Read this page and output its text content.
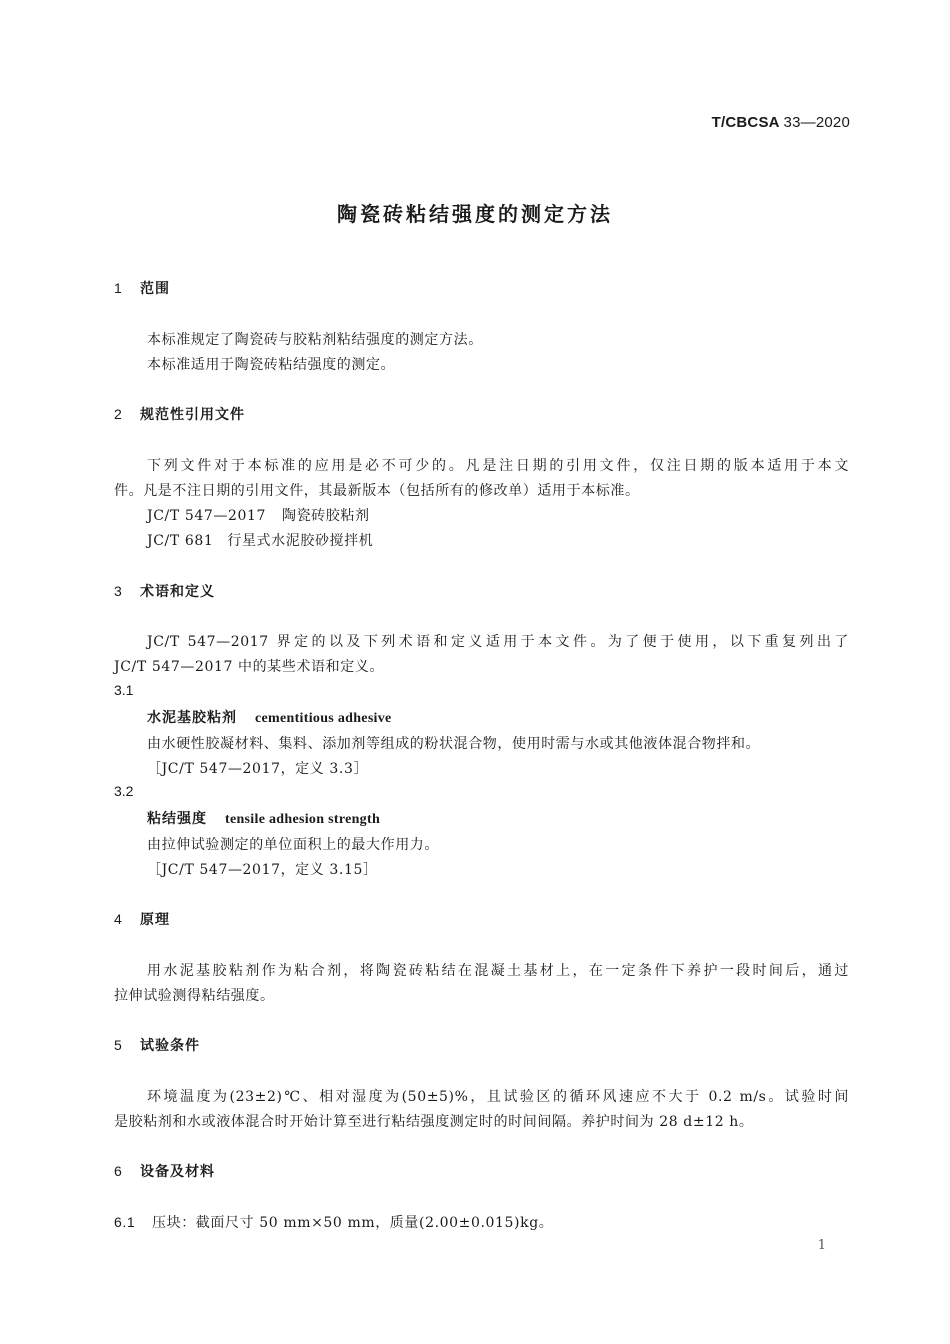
T/CBCSA 33—2020
陶瓷砖粘结强度的测定方法
1 范围
本标准规定了陶瓷砖与胶粘剂粘结强度的测定方法。
本标准适用于陶瓷砖粘结强度的测定。
2 规范性引用文件
下列文件对于本标准的应用是必不可少的。凡是注日期的引用文件，仅注日期的版本适用于本文
件。凡是不注日期的引用文件，其最新版本（包括所有的修改单）适用于本标准。
JC/T 547—2017 陶瓷砖胶粘剂
JC/T 681 行星式水泥胶砂搅拌机
3 术语和定义
JC/T 547—2017 界定的以及下列术语和定义适用于本文件。为了便于使用，以下重复列出了
JC/T 547—2017 中的某些术语和定义。
3.1
水泥基胶粘剂 cementitious adhesive
由水硬性胶凝材料、集料、添加剂等组成的粉状混合物，使用时需与水或其他液体混合物拌和。
［JC/T 547—2017，定义 3.3］
3.2
粘结强度 tensile adhesion strength
由拉伸试验测定的单位面积上的最大作用力。
［JC/T 547—2017，定义 3.15］
4 原理
用水泥基胶粘剂作为粘合剂，将陶瓷砖粘结在混凝土基材上，在一定条件下养护一段时间后，通过
拉伸试验测得粘结强度。
5 试验条件
环境温度为(23±2)℃、相对湿度为(50±5)%，且试验区的循环风速应不大于 0.2 m/s。试验时间
是胶粘剂和水或液体混合时开始计算至进行粘结强度测定时的时间间隔。养护时间为 28 d±12 h。
6 设备及材料
6.1 压块：截面尺寸 50 mm×50 mm，质量(2.00±0.015)kg。
1
